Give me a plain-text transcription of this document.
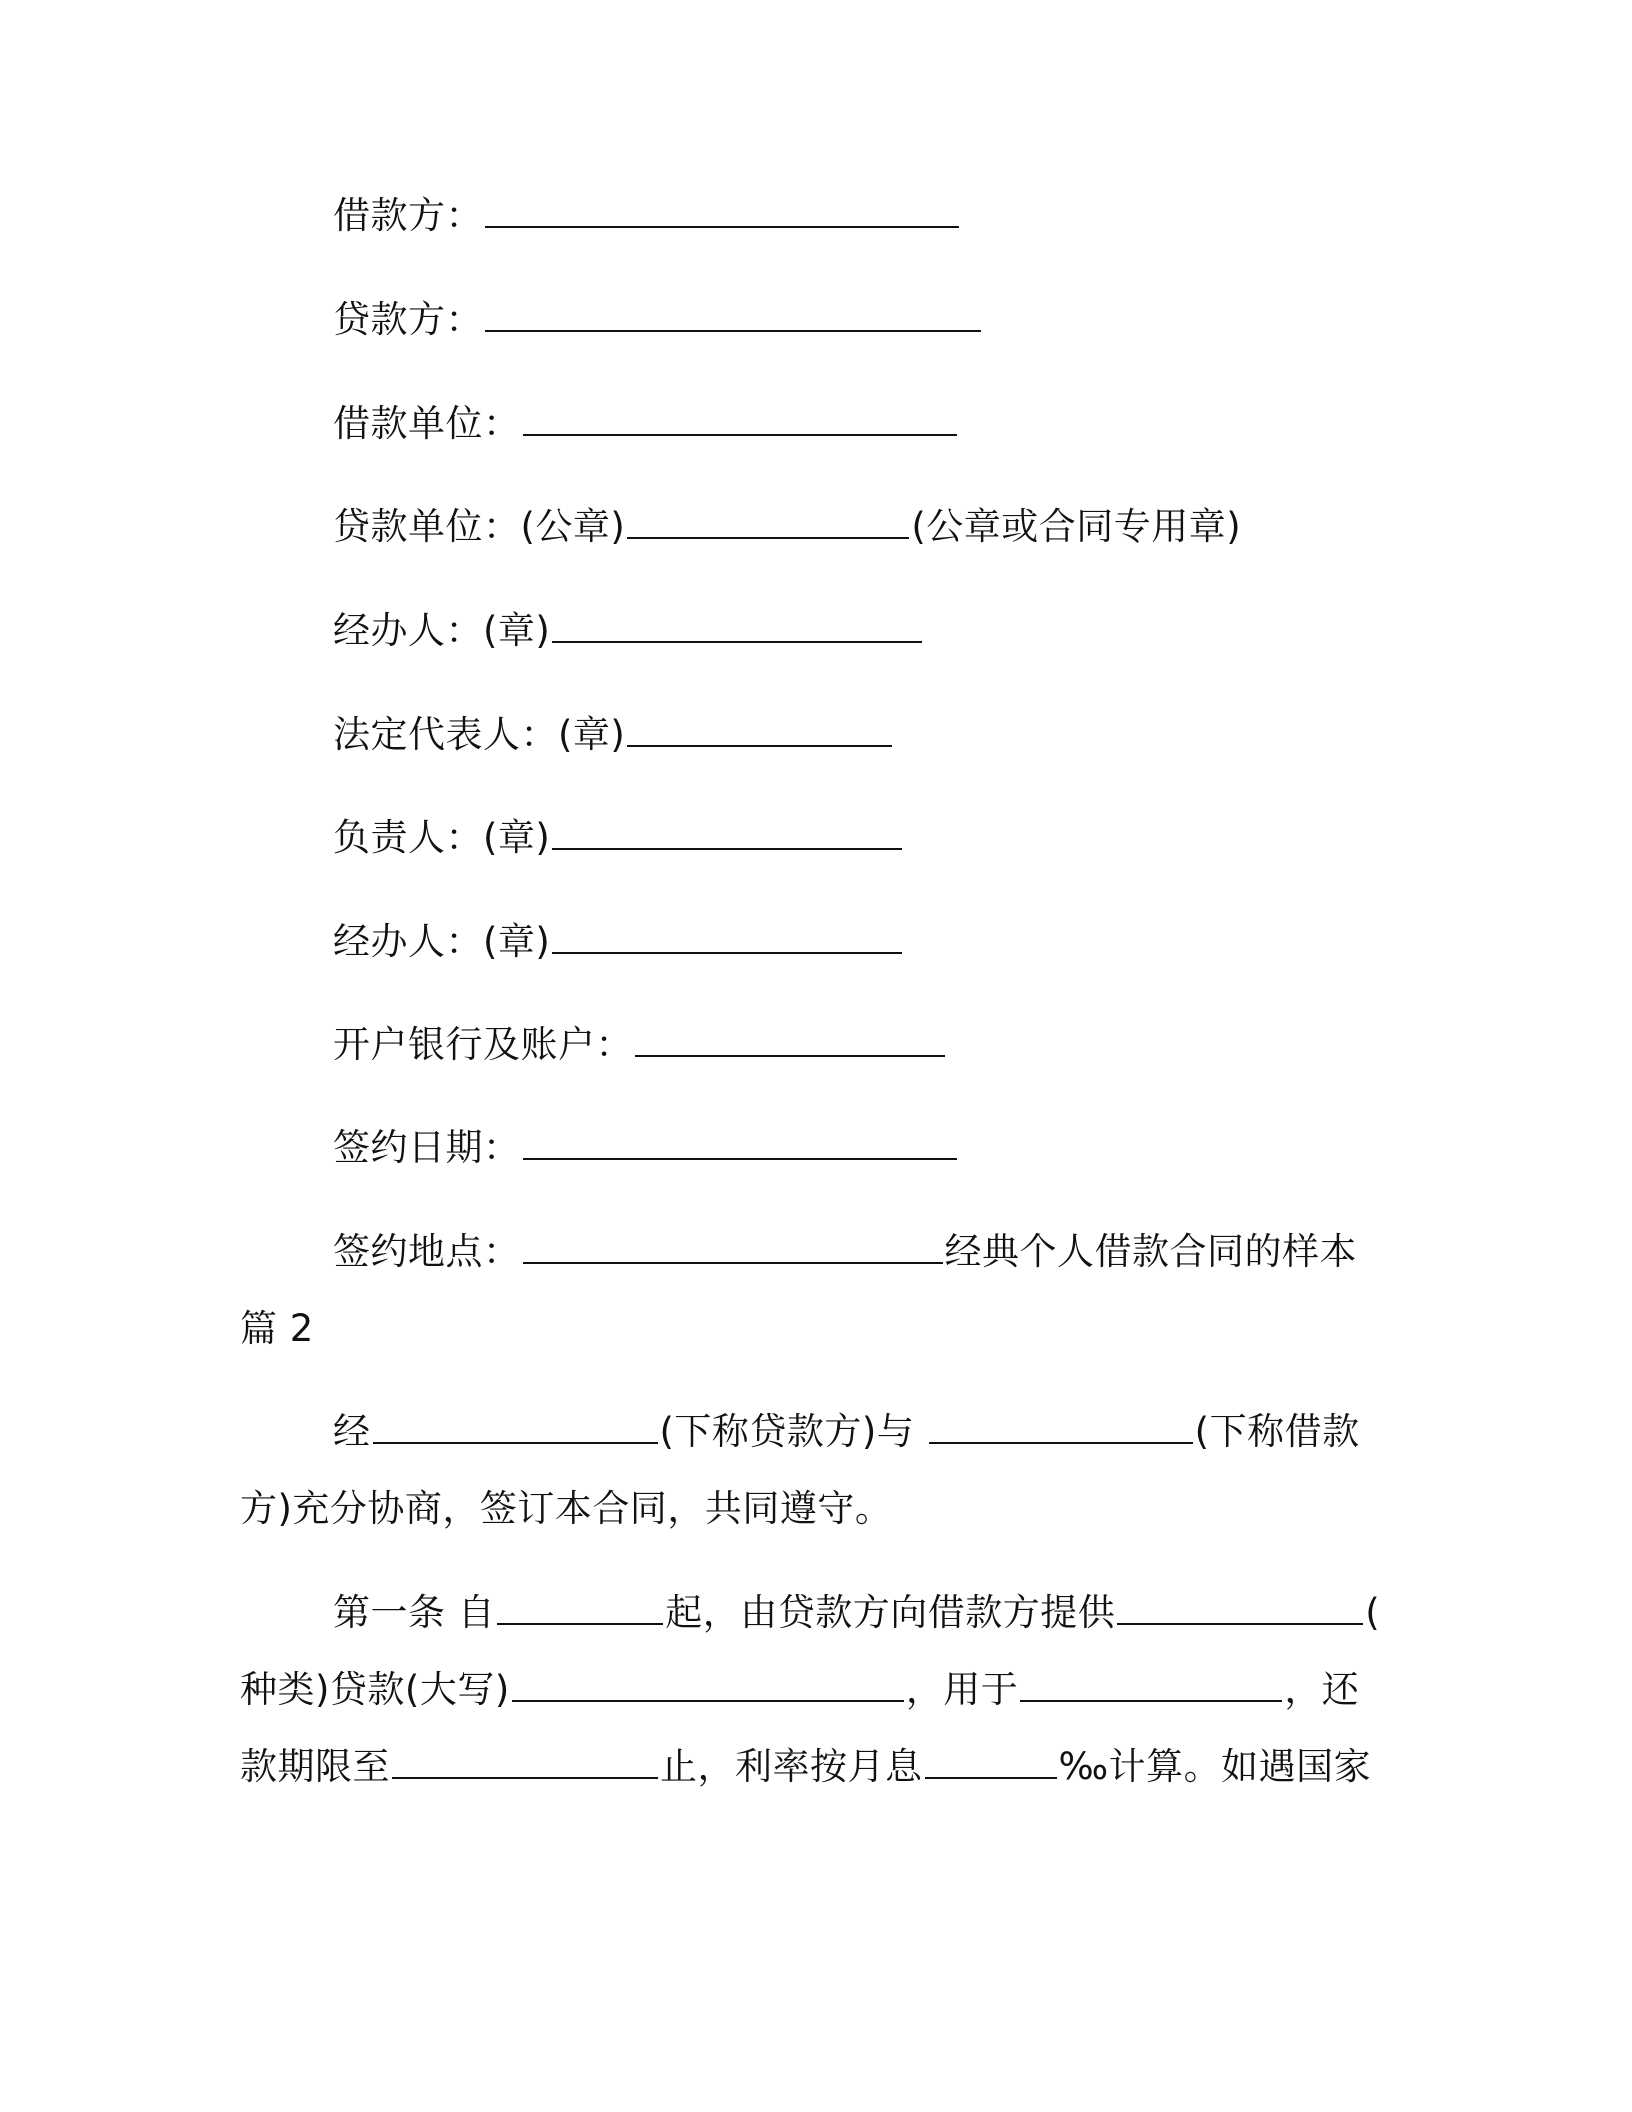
借款方：
贷款方：
借款单位：
贷款单位：(公章)	(公章或合同专用章)
经办人：(章)
法定代表人：(章)
负责人：(章)
经办人：(章)
开户银行及账户：
签约日期：
签约地点：	经典个人借款合同的样本
篇 2
经	(下称贷款方)与	(下称借款
方)充分协商，签订本合同，共同遵守。
第一条 自	起，由贷款方向借款方提供	(
种类)贷款(大写)	，用于	，还
款期限至	止，利率按月息	‰计算。如遇国家
